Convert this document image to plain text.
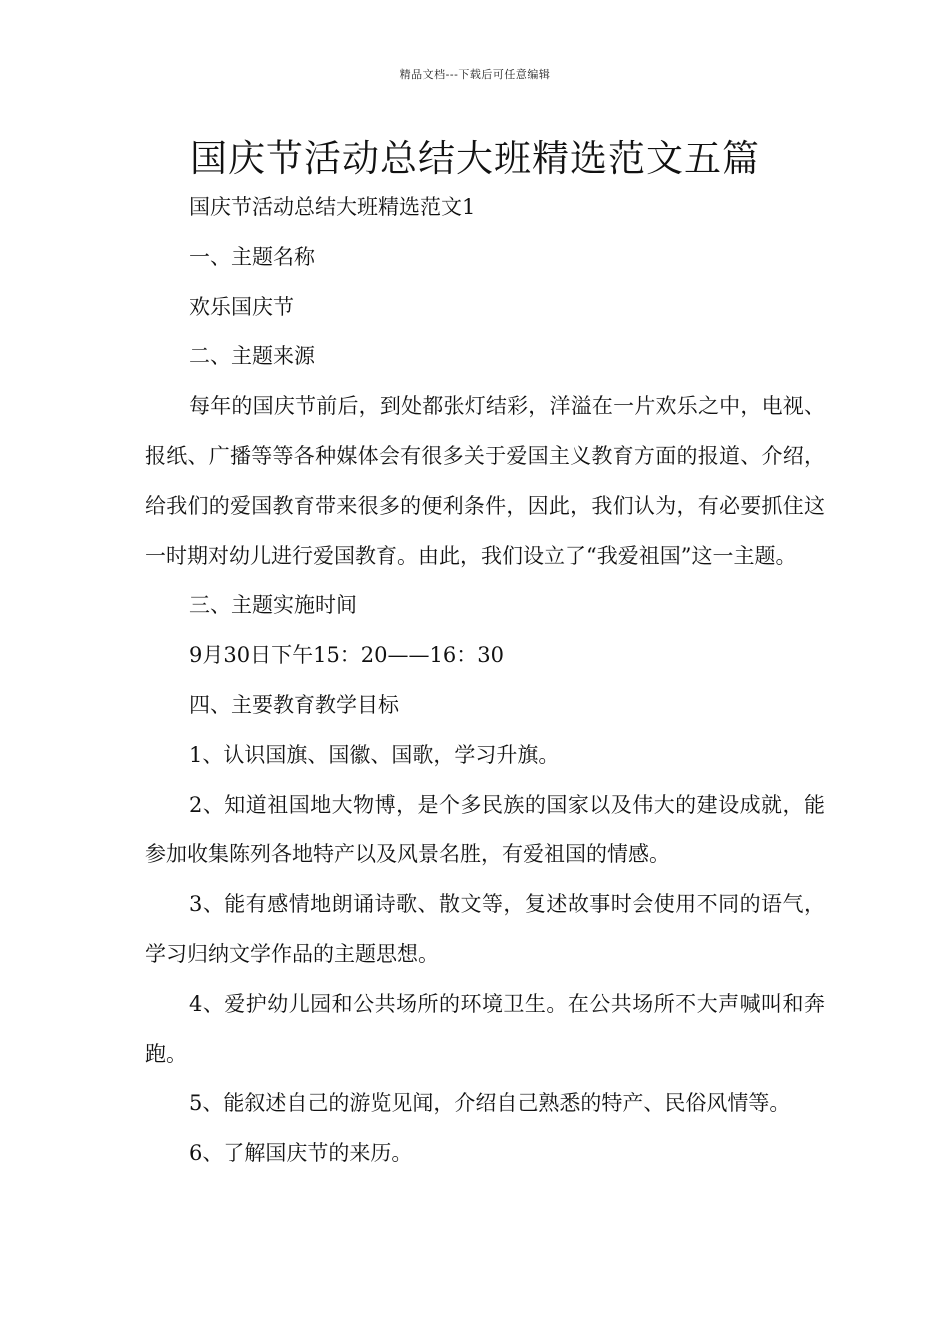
精品文档---下载后可任意编辑
国庆节活动总结大班精选范文五篇

国庆节活动总结大班精选范文1

一、主题名称

欢乐国庆节

二、主题来源

每年的国庆节前后，到处都张灯结彩，洋溢在一片欢乐之中，电视、报纸、广播等等各种媒体会有很多关于爱国主义教育方面的报道、介绍，给我们的爱国教育带来很多的便利条件，因此，我们认为，有必要抓住这一时期对幼儿进行爱国教育。由此，我们设立了“我爱祖国”这一主题。

三、主题实施时间

9月30日下午15：20——16：30

四、主要教育教学目标

1、认识国旗、国徽、国歌，学习升旗。

2、知道祖国地大物博，是个多民族的国家以及伟大的建设成就，能参加收集陈列各地特产以及风景名胜，有爱祖国的情感。

3、能有感情地朗诵诗歌、散文等，复述故事时会使用不同的语气，学习归纳文学作品的主题思想。

4、爱护幼儿园和公共场所的环境卫生。在公共场所不大声喊叫和奔跑。

5、能叙述自己的游览见闻，介绍自己熟悉的特产、民俗风情等。

6、了解国庆节的来历。
